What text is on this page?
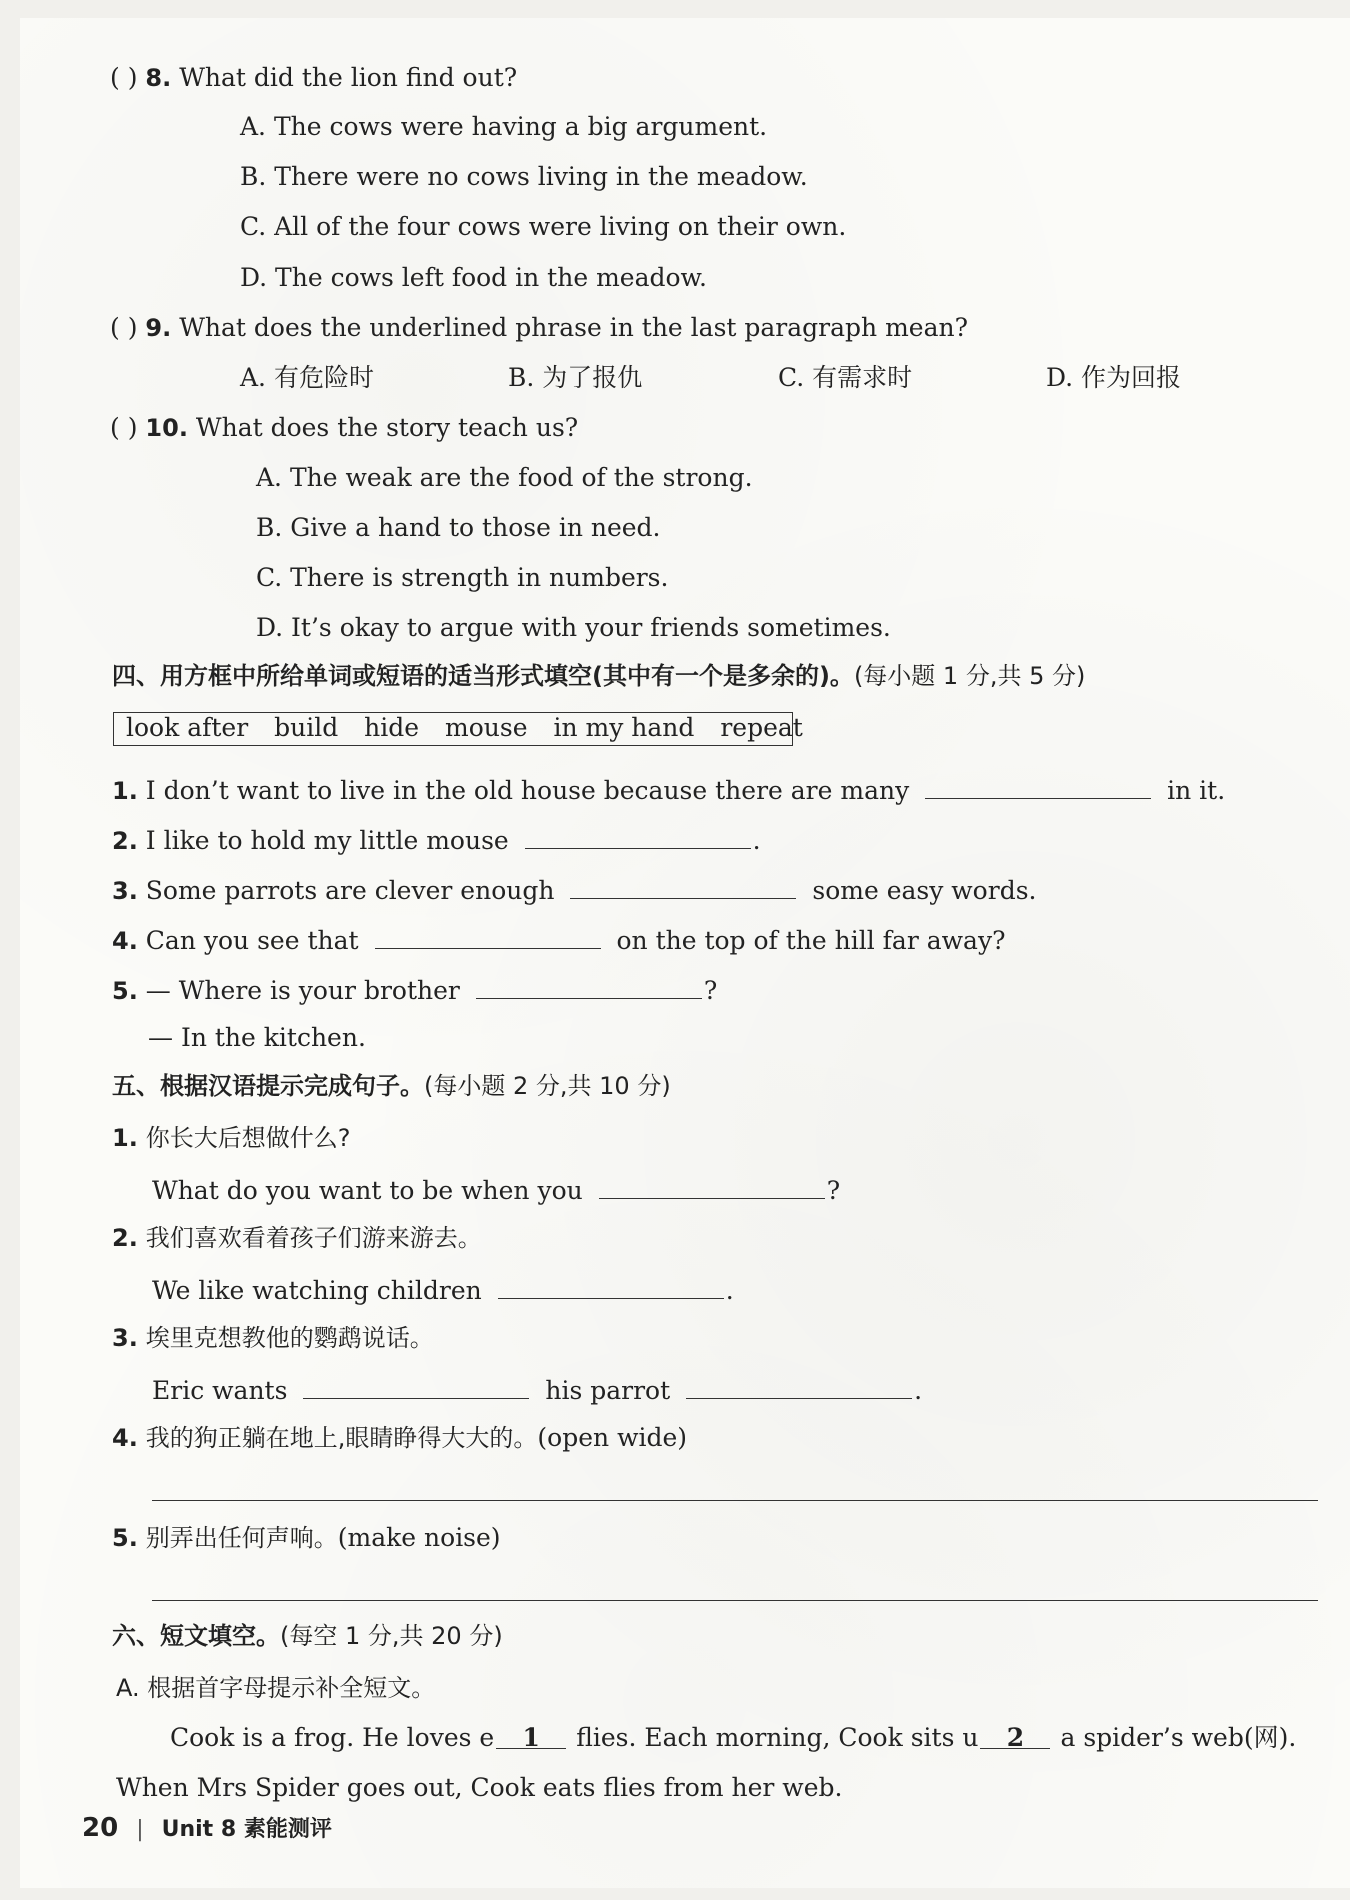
( ) 8. What did the lion find out?
A. The cows were having a big argument.
B. There were no cows living in the meadow.
C. All of the four cows were living on their own.
D. The cows left food in the meadow.
( ) 9. What does the underlined phrase in the last paragraph mean?
A. 有危险时	B. 为了报仇	C. 有需求时	D. 作为回报
( ) 10. What does the story teach us?
A. The weak are the food of the strong.
B. Give a hand to those in need.
C. There is strength in numbers.
D. It’s okay to argue with your friends sometimes.
四、用方框中所给单词或短语的适当形式填空(其中有一个是多余的)。(每小题 1 分,共 5 分)
look after build hide mouse in my hand repeat
1. I don’t want to live in the old house because there are many	in it.
2. I like to hold my little mouse	.
3. Some parrots are clever enough	some easy words.
4. Can you see that	on the top of the hill far away?
5. — Where is your brother	?
— In the kitchen.
五、根据汉语提示完成句子。(每小题 2 分,共 10 分)
1. 你长大后想做什么?
What do you want to be when you	?
2. 我们喜欢看着孩子们游来游去。
We like watching children	.
3. 埃里克想教他的鹦鹉说话。
Eric wants	his parrot	.
4. 我的狗正躺在地上,眼睛睁得大大的。(open wide)
5. 别弄出任何声响。(make noise)
六、短文填空。(每空 1 分,共 20 分)
A. 根据首字母提示补全短文。
Cook is a frog. He loves e 1 flies. Each morning, Cook sits u 2 a spider’s web(网).
When Mrs Spider goes out, Cook eats flies from her web.
20 | Unit 8 素能测评
